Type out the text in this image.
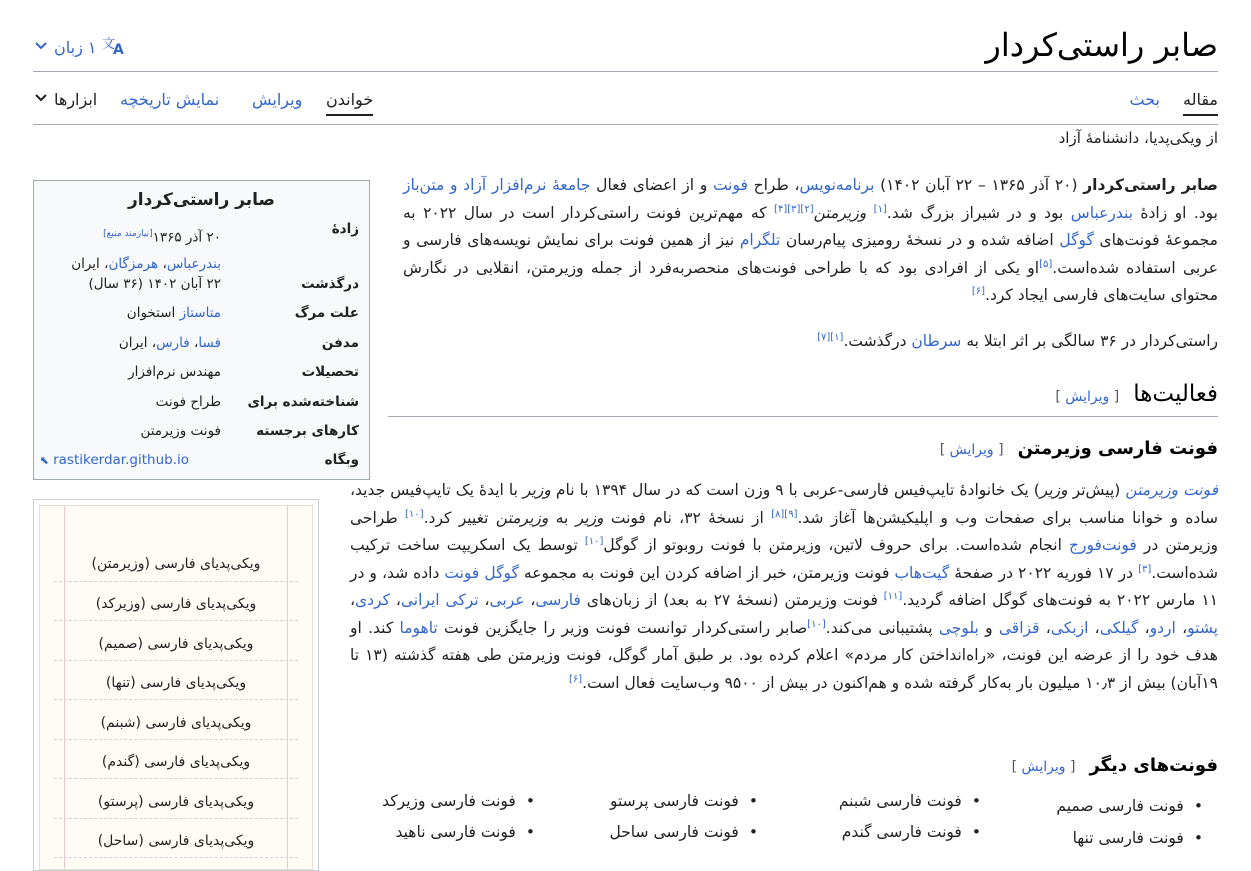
صابر راستی‌کردار
۱ زبان 文
A
مقاله
بحث
خواندن
ویرایش
نمایش تاریخچه
ابزارها
از ویکی‌پدیا، دانشنامهٔ آزاد
صابر راستی‌کردار
زادهٔ
۲۰ آذر ۱۳۶۵[نیازمند منبع]
بندرعباس، هرمزگان، ایران
درگذشت
۲۲ آبان ۱۴۰۲ (۳۶ سال)
علت مرگ
متاستاز استخوان
مدفن
فسا، فارس، ایران
تحصیلات
مهندس نرم‌افزار
شناخته‌شده برای
طراح فونت
کارهای برجسته
فونت وزیرمتن
وبگاه
⬉ rastikerdar.github.io
ویکی‌پدیای فارسی (وزیرمتن)
ویکی‌پدیای فارسی (وزیرکد)
ویکی‌پدیای فارسی (صمیم)
ویکی‌پدیای فارسی (تنها)
ویکی‌پدیای فارسی (شبنم)
ویکی‌پدیای فارسی (گندم)
ویکی‌پدیای فارسی (پرستو)
ویکی‌پدیای فارسی (ساحل)
صابر راستی‌کردار (۲۰ آذر ۱۳۶۵ – ۲۲ آبان ۱۴۰۲) برنامه‌نویس، طراح فونت و از اعضای فعال جامعهٔ نرم‌افزار آزاد و متن‌باز بود. او زادهٔ بندرعباس بود و در شیراز بزرگ شد.[۱] وزیرمتن[۲][۳][۴] که مهم‌ترین فونت راستی‌کردار است در سال ۲۰۲۲ به مجموعهٔ فونت‌های گوگل اضافه شده و در نسخهٔ رومیزی پیام‌رسان تلگرام نیز از همین فونت برای نمایش نویسه‌های فارسی و عربی استفاده شده‌است.[۵]او یکی از افرادی بود که با طراحی فونت‌های منحصربه‌فرد از جمله وزیرمتن، انقلابی در نگارش محتوای سایت‌های فارسی ایجاد کرد.[۶]
راستی‌کردار در ۳۶ سالگی بر اثر ابتلا به سرطان درگذشت.[۱][۷]
فعالیت‌ها[ ویرایش ]
فونت فارسی وزیرمتن[ ویرایش ]
فونت وزیرمتن (پیش‌تر وزیر) یک خانوادهٔ تایپ‌فیس فارسی-عربی با ۹ وزن است که در سال ۱۳۹۴ با نام وزیر با ایدهٔ یک تایپ‌فیس جدید، ساده و خوانا مناسب برای صفحات وب و اپلیکیشن‌ها آغاز شد.[۹][۸] از نسخهٔ ۳۲، نام فونت وزیر به وزیرمتن تغییر کرد.[۱۰] طراحی وزیرمتن در فونت‌فورج انجام شده‌است. برای حروف لاتین، وزیرمتن با فونت روبوتو از گوگل[۱۰] توسط یک اسکریپت ساخت ترکیب شده‌است.[۳] در ۱۷ فوریه ۲۰۲۲ در صفحهٔ گیت‌هاب فونت وزیرمتن، خبر از اضافه کردن این فونت به مجموعه گوگل فونت داده شد، و در ۱۱ مارس ۲۰۲۲ به فونت‌های گوگل اضافه گردید.[۱۱] فونت وزیرمتن (نسخهٔ ۲۷ به بعد) از زبان‌های فارسی، عربی، ترکی ایرانی، کردی، پشتو، اردو، گیلکی، ازبکی، قزاقی و بلوچی پشتیبانی می‌کند.[۱۰]صابر راستی‌کردار توانست فونت وزیر را جایگزین فونت تاهوما کند. او هدف خود را از عرضه این فونت، «راه‌انداختن کار مردم» اعلام کرده بود. بر طبق آمار گوگل، فونت وزیرمتن طی هفته گذشته (۱۳ تا ۱۹آبان) بیش از ۱۰٫۳ میلیون بار به‌کار گرفته شده و هم‌اکنون در بیش از ۹۵۰۰ وب‌سایت فعال است.[۶]
فونت‌های دیگر[ ویرایش ]
• فونت فارسی صمیم
• فونت فارسی تنها
• فونت فارسی شبنم
• فونت فارسی گندم
• فونت فارسی پرستو
• فونت فارسی ساحل
• فونت فارسی وزیرکد
• فونت فارسی ناهید
